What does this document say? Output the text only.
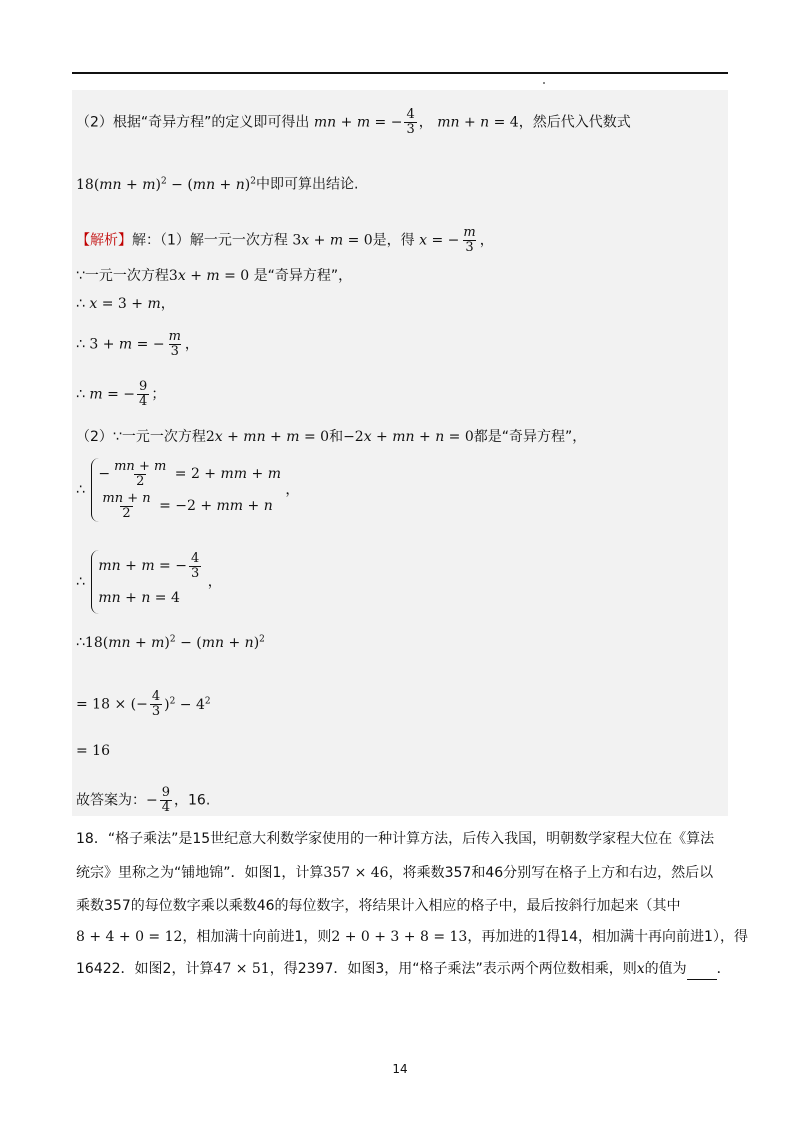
（2）根据“奇异方程”的定义即可得出 mn + m = − $\frac{4}{3}$ ， mn + n = 4，然后代入代数式
18(mn + m)$^2$ − (mn + n)$^2$中即可算出结论.
【解析】解：（1）解一元一次方程 3x + m = 0是，得 x = − $\frac{m}{3}$ ，
∵一元一次方程3x + m = 0 是“奇异方程”，
∴ x = 3 + m，
∴ 3 + m = − $\frac{m}{3}$ ，
∴ m = − $\frac{9}{4}$ ；
（2）∵一元一次方程2x + mn + m = 0和−2x + mn + n = 0都是“奇异方程”，
∴
− $\frac{mn + m}{2} = 2$ + mm + m
$\frac{mn + n}{2} = -2$ + mm + n
，
∴
mn + m = − $\frac{4}{3}$
mn + n = 4
，
∴18(mn + m)$^2$ − (mn + n)$^2$
= 18 × (− $\frac{4}{3} )^2 - 4^2$
= 16
故答案为：− $\frac{9}{4}$ ，16.
18．“格子乘法”是15世纪意大利数学家使用的一种计算方法，后传入我国，明朝数学家程大位在《算法
统宗》里称之为“铺地锦”．如图1，计算357 × 46，将乘数357和46分别写在格子上方和右边，然后以
乘数357的每位数字乘以乘数46的每位数字，将结果计入相应的格子中，最后按斜行加起来（其中
8 + 4 + 0 = 12，相加满十向前进1，则2 + 0 + 3 + 8 = 13，再加进的1得14，相加满十再向前进1），得
16422．如图2，计算47 × 51，得2397．如图3，用“格子乘法”表示两个两位数相乘，则x的值为 ．
14
